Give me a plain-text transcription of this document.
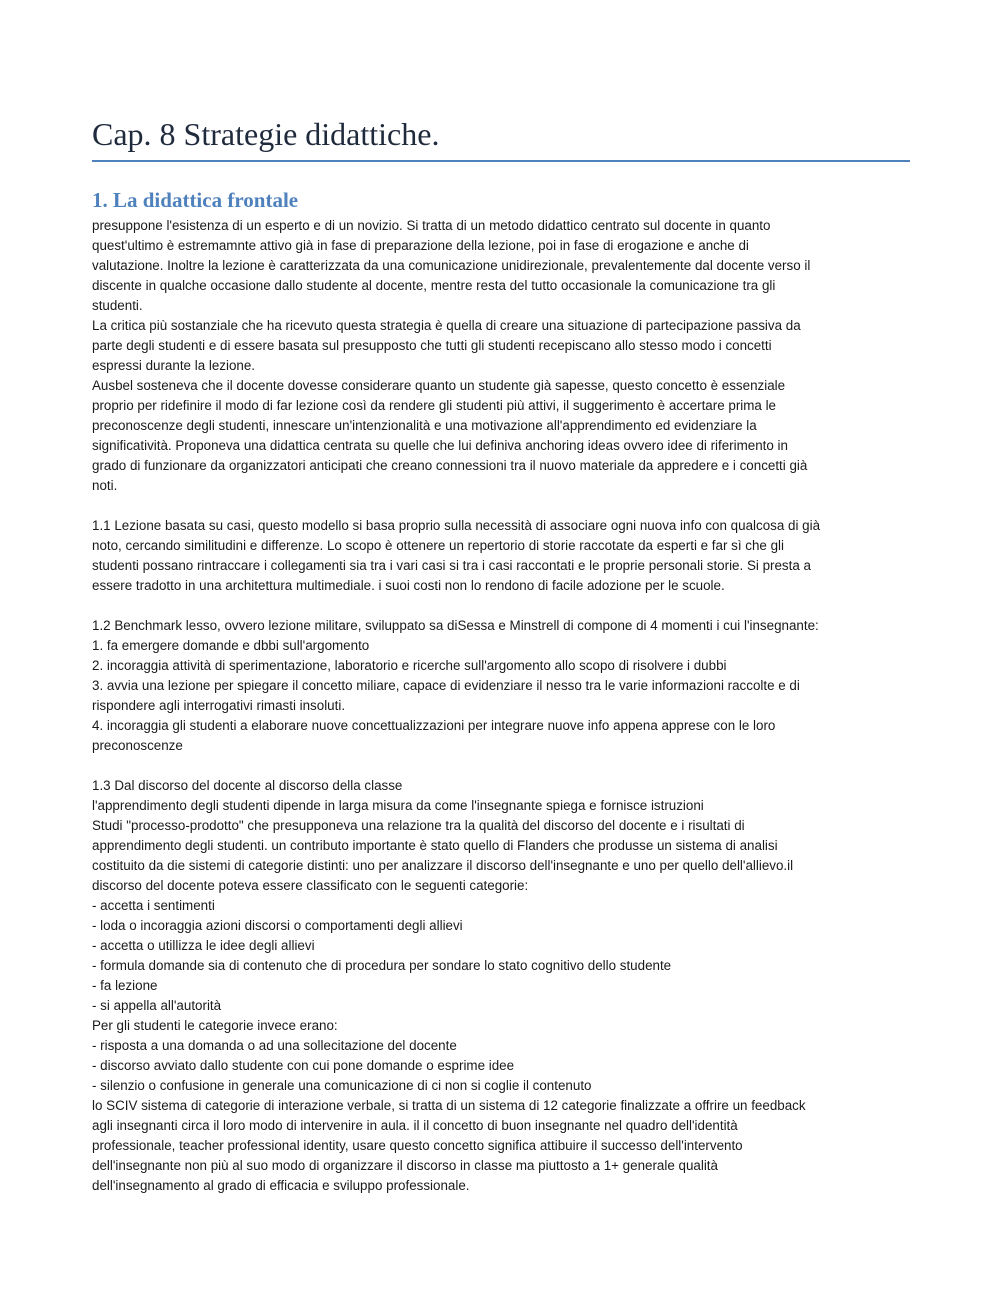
Cap. 8 Strategie didattiche.
1. La didattica frontale

presuppone l'esistenza di un esperto e di un novizio. Si tratta di un metodo didattico centrato sul docente in quanto

quest'ultimo è estremamnte attivo già in fase di preparazione della lezione, poi in fase di erogazione e anche di

valutazione. Inoltre la lezione è caratterizzata da una comunicazione unidirezionale, prevalentemente dal docente verso il

discente in qualche occasione dallo studente al docente, mentre resta del tutto occasionale la comunicazione tra gli

studenti.

La critica più sostanziale che ha ricevuto questa strategia è quella di creare una situazione di partecipazione passiva da

parte degli studenti e di essere basata sul presupposto che tutti gli studenti recepiscano allo stesso modo i concetti

espressi durante la lezione.

Ausbel sosteneva che il docente dovesse considerare quanto un studente già sapesse, questo concetto è essenziale

proprio per ridefinire il modo di far lezione così da rendere gli studenti più attivi, il suggerimento è accertare prima le

preconoscenze degli studenti, innescare un'intenzionalità e una motivazione all'apprendimento ed evidenziare la

significatività. Proponeva una didattica centrata su quelle che lui definiva anchoring ideas ovvero idee di riferimento in

grado di funzionare da organizzatori anticipati che creano connessioni tra il nuovo materiale da appredere e i concetti già

noti.

1.1 Lezione basata su casi, questo modello si basa proprio sulla necessità di associare ogni nuova info con qualcosa di già

noto, cercando similitudini e differenze. Lo scopo è ottenere un repertorio di storie raccotate da esperti e far sì che gli

studenti possano rintraccare i collegamenti sia tra i vari casi si tra i casi raccontati e le proprie personali storie. Si presta a

essere tradotto in una architettura multimediale. i suoi costi non lo rendono di facile adozione per le scuole.

1.2 Benchmark lesso, ovvero lezione militare, sviluppato sa diSessa e Minstrell di compone di 4 momenti i cui l'insegnante:

1. fa emergere domande e dbbi sull'argomento

2. incoraggia attività di sperimentazione, laboratorio e ricerche sull'argomento allo scopo di risolvere i dubbi

3. avvia una lezione per spiegare il concetto miliare, capace di evidenziare il nesso tra le varie informazioni raccolte e di

rispondere agli interrogativi rimasti insoluti.

4. incoraggia gli studenti a elaborare nuove concettualizzazioni per integrare nuove info appena apprese con le loro

preconoscenze

1.3 Dal discorso del docente al discorso della classe

l'apprendimento degli studenti dipende in larga misura da come l'insegnante spiega e fornisce istruzioni

Studi "processo-prodotto" che presupponeva una relazione tra la qualità del discorso del docente e i risultati di

apprendimento degli studenti. un contributo importante è stato quello di Flanders che produsse un sistema di analisi

costituito da die sistemi di categorie distinti: uno per analizzare il discorso dell'insegnante e uno per quello dell'allievo.il

discorso del docente poteva essere classificato con le seguenti categorie:

- accetta i sentimenti

- loda o incoraggia azioni discorsi o comportamenti degli allievi

- accetta o utillizza le idee degli allievi

- formula domande sia di contenuto che di procedura per sondare lo stato cognitivo dello studente

- fa lezione

- si appella all'autorità

Per gli studenti le categorie invece erano:

- risposta a una domanda o ad una sollecitazione del docente

- discorso avviato dallo studente con cui pone domande o esprime idee

- silenzio o confusione in generale una comunicazione di ci non si coglie il contenuto

lo SCIV sistema di categorie di interazione verbale, si tratta di un sistema di 12 categorie finalizzate a offrire un feedback

agli insegnanti circa il loro modo di intervenire in aula. il il concetto di buon insegnante nel quadro dell'identità

professionale, teacher professional identity, usare questo concetto significa attibuire il successo dell'intervento

dell'insegnante non più al suo modo di organizzare il discorso in classe ma piuttosto a 1+ generale qualità

dell'insegnamento al grado di efficacia e sviluppo professionale.
